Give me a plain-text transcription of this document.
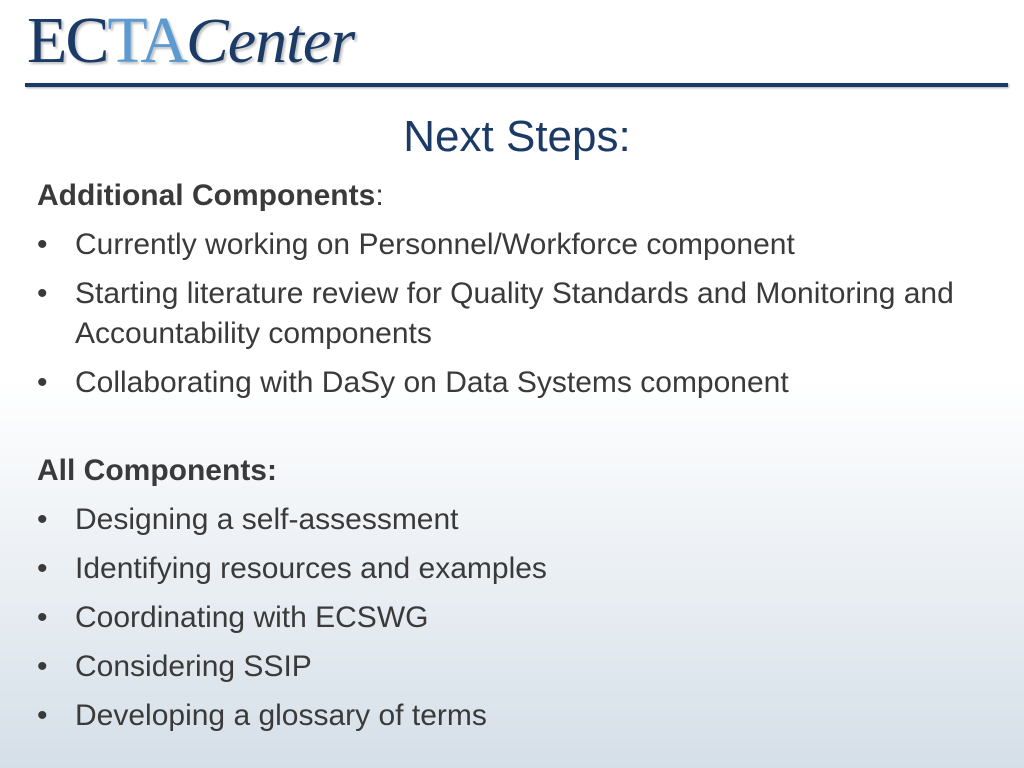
ECTACenter
Next Steps:

Additional Components:

• Currently working on Personnel/Workforce component
• Starting literature review for Quality Standards and Monitoring and Accountability components
• Collaborating with DaSy on Data Systems component

All Components:

• Designing a self-assessment
• Identifying resources and examples
• Coordinating with ECSWG
• Considering SSIP
• Developing a glossary of terms
